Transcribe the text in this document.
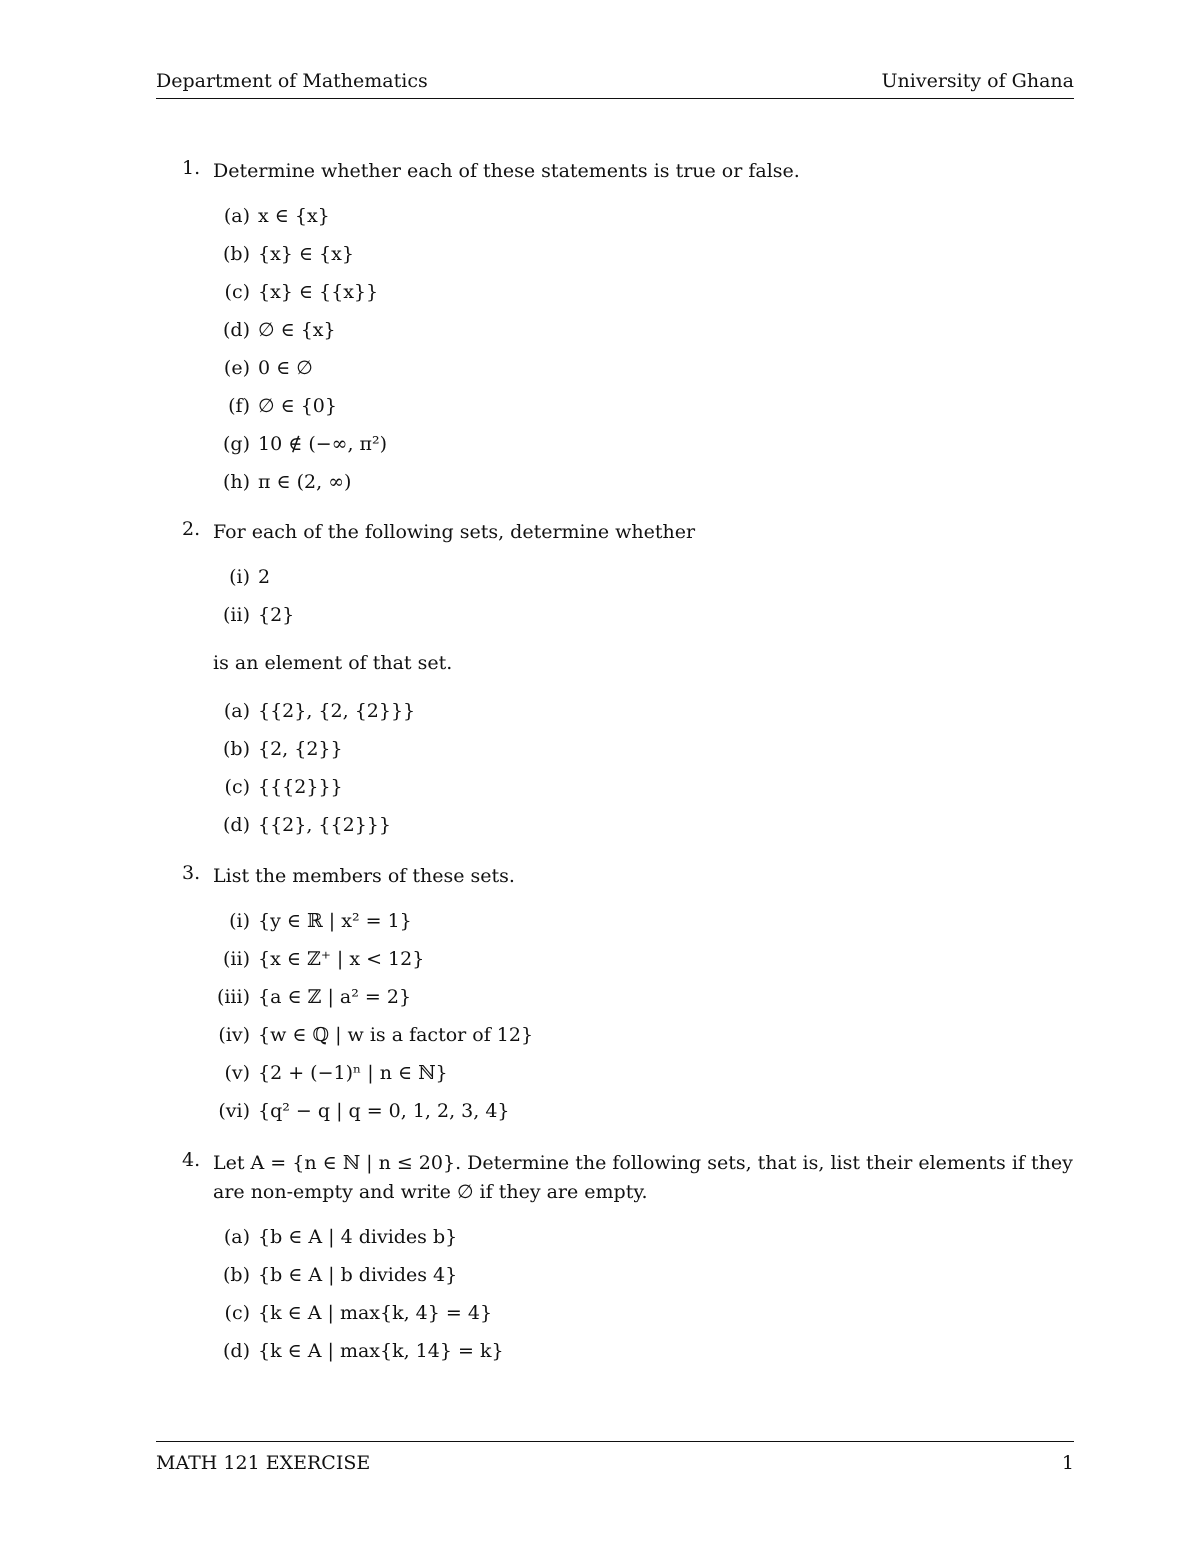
Department of Mathematics	University of Ghana
1. Determine whether each of these statements is true or false.
(a) x ∈ {x}
(b) {x} ∈ {x}
(c) {x} ∈ {{x}}
(d) ∅ ∈ {x}
(e) 0 ∈ ∅
(f) ∅ ∈ {0}
(g) 10 ∉ (−∞, π²)
(h) π ∈ (2, ∞)
2. For each of the following sets, determine whether
(i) 2
(ii) {2}
is an element of that set.
(a) {{2}, {2, {2}}}
(b) {2, {2}}
(c) {{{2}}}
(d) {{2}, {{2}}}
3. List the members of these sets.
(i) {y ∈ ℝ | x² = 1}
(ii) {x ∈ ℤ⁺ | x < 12}
(iii) {a ∈ ℤ | a² = 2}
(iv) {w ∈ ℚ | w is a factor of 12}
(v) {2 + (−1)ⁿ | n ∈ ℕ}
(vi) {q² − q | q = 0, 1, 2, 3, 4}
4. Let A = {n ∈ ℕ | n ≤ 20}. Determine the following sets, that is, list their elements if they are non-empty and write ∅ if they are empty.
(a) {b ∈ A | 4 divides b}
(b) {b ∈ A | b divides 4}
(c) {k ∈ A | max{k, 4} = 4}
(d) {k ∈ A | max{k, 14} = k}
MATH 121 EXERCISE	1
